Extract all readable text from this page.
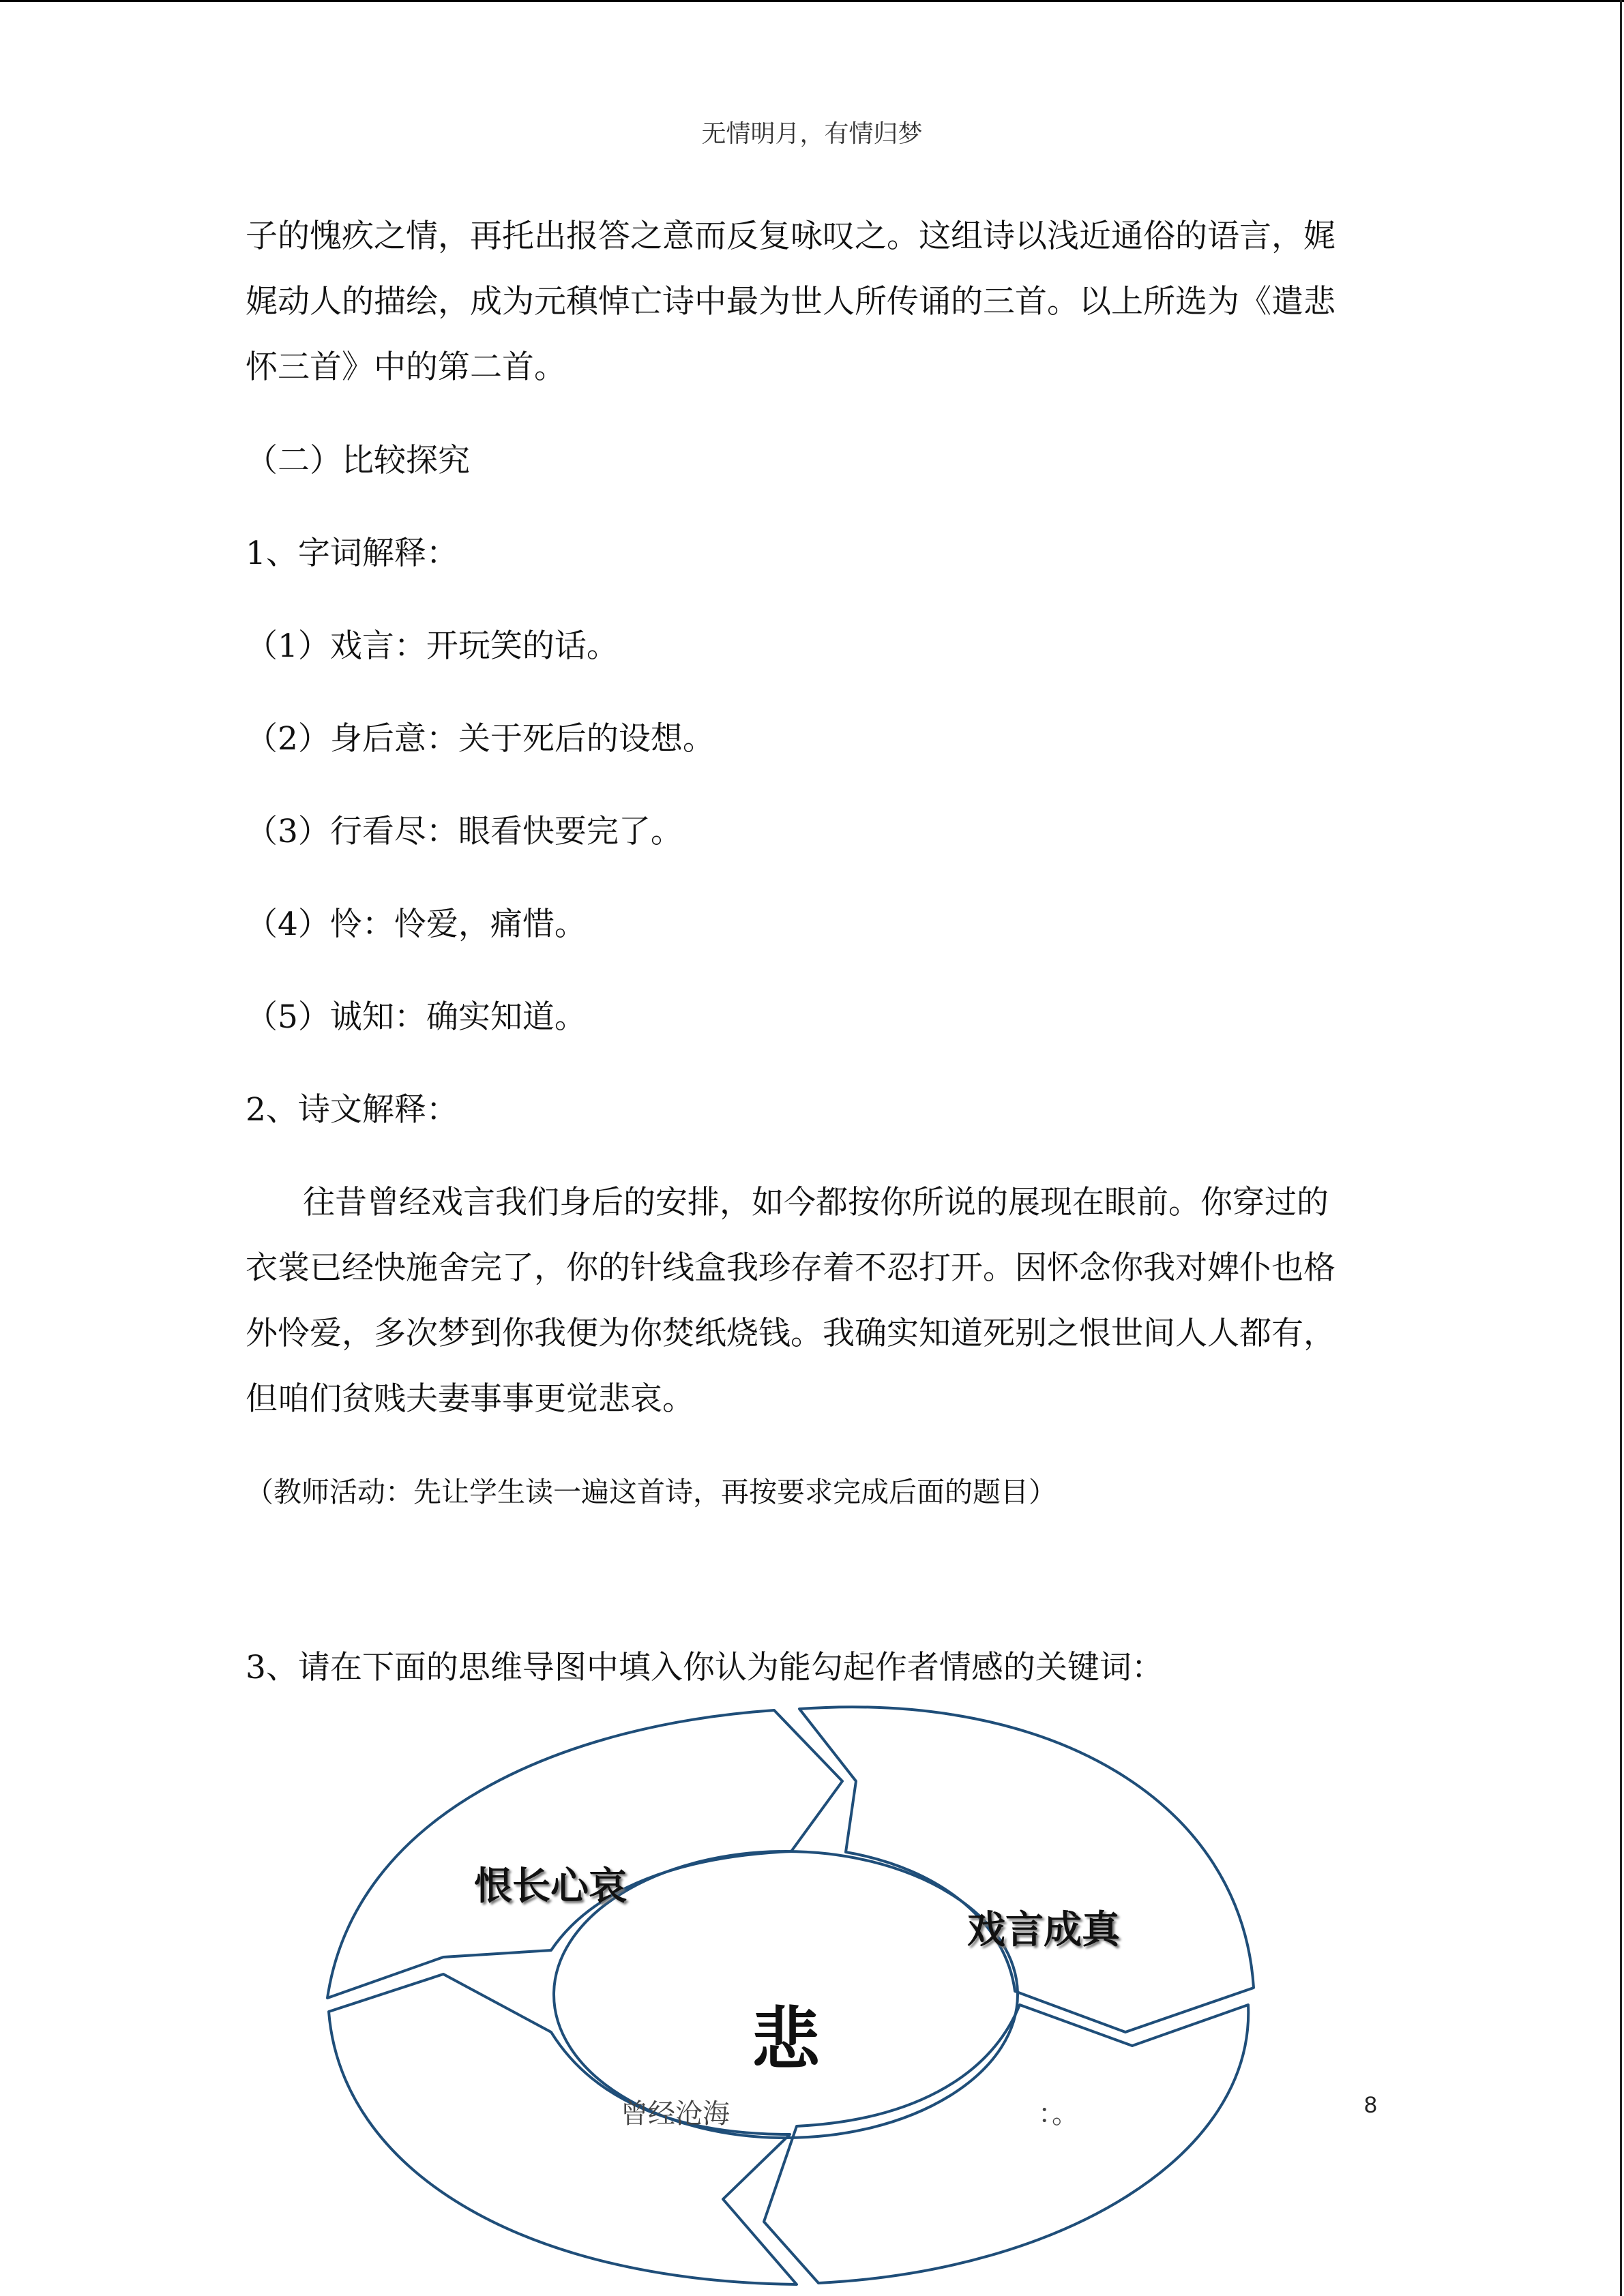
无情明月，有情归梦
子的愧疚之情，再托出报答之意而反复咏叹之。这组诗以浅近通俗的语言，娓
娓动人的描绘，成为元稹悼亡诗中最为世人所传诵的三首。以上所选为《遣悲
怀三首》中的第二首。
（二）比较探究
1、字词解释：
（1）戏言：开玩笑的话。
（2）身后意：关于死后的设想。
（3）行看尽：眼看快要完了。
（4）怜：怜爱，痛惜。
（5）诚知：确实知道。
2、诗文解释：
往昔曾经戏言我们身后的安排，如今都按你所说的展现在眼前。你穿过的
衣裳已经快施舍完了，你的针线盒我珍存着不忍打开。因怀念你我对婢仆也格
外怜爱，多次梦到你我便为你焚纸烧钱。我确实知道死别之恨世间人人都有，
但咱们贫贱夫妻事事更觉悲哀。
（教师活动：先让学生读一遍这首诗，再按要求完成后面的题目）
3、请在下面的思维导图中填入你认为能勾起作者情感的关键词：
恨长心哀
戏言成真
悲
曾经沧海	：。	8
